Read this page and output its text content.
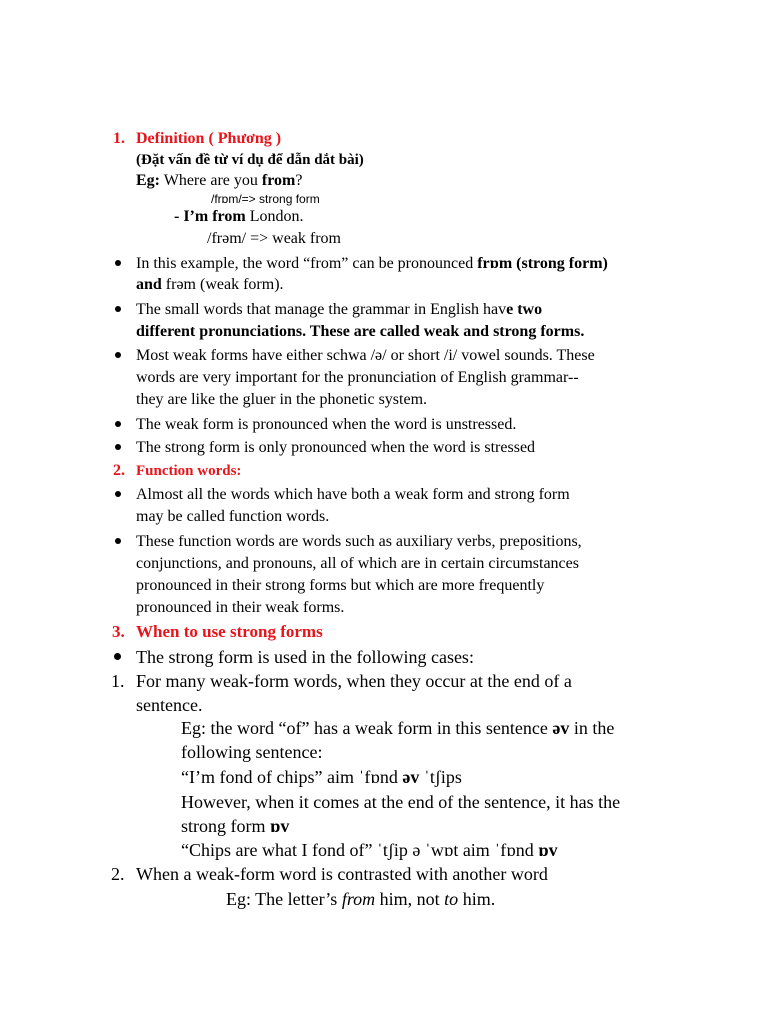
1. Definition ( Phương )
(Đặt vấn đề từ ví dụ để dẫn dắt bài)
Eg: Where are you from?
/frɒm/=> strong form
- I’m from London.
/frəm/ => weak from
In this example, the word “from” can be pronounced frɒm (strong form)
and frəm (weak form).
The small words that manage the grammar in English have two
different pronunciations. These are called weak and strong forms.
Most weak forms have either schwa /ə/ or short /i/ vowel sounds. These
words are very important for the pronunciation of English grammar--
they are like the gluer in the phonetic system.
The weak form is pronounced when the word is unstressed.
The strong form is only pronounced when the word is stressed
2. Function words:
Almost all the words which have both a weak form and strong form
may be called function words.
These function words are words such as auxiliary verbs, prepositions,
conjunctions, and pronouns, all of which are in certain circumstances
pronounced in their strong forms but which are more frequently
pronounced in their weak forms.
3. When to use strong forms
The strong form is used in the following cases:
1. For many weak-form words, when they occur at the end of a
sentence.
Eg: the word “of” has a weak form in this sentence əv in the
following sentence:
“I’m fond of chips” aim ˈfɒnd əv ˈtʃips
However, when it comes at the end of the sentence, it has the
strong form ɒv
“Chips are what I fond of” ˈtʃip ə ˈwɒt aim ˈfɒnd ɒv
2. When a weak-form word is contrasted with another word
Eg: The letter’s from him, not to him.
